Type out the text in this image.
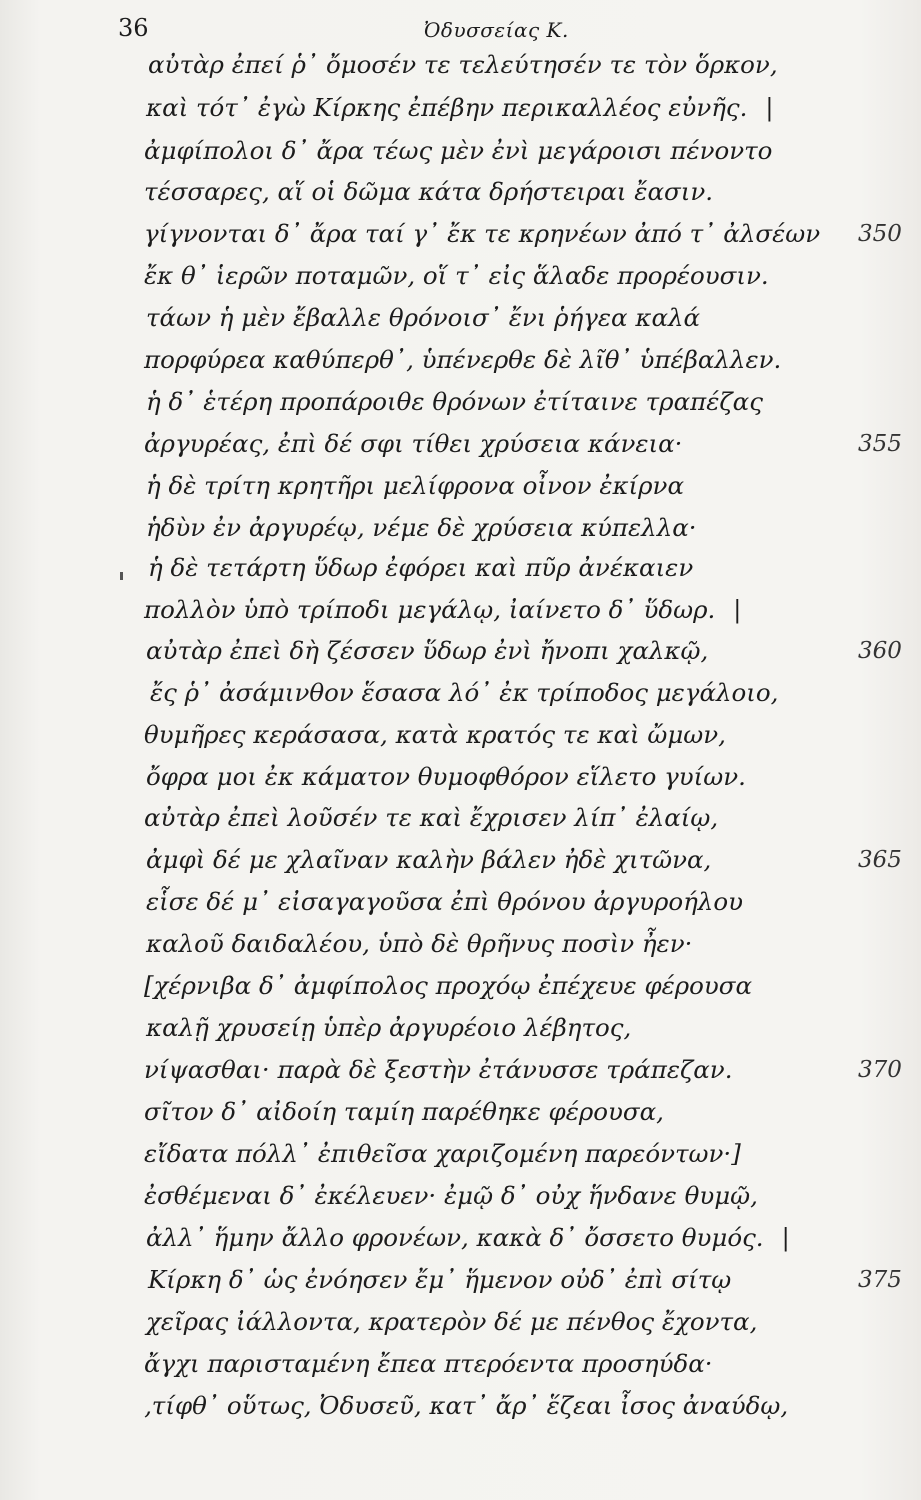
36	Ὀδυσσείας Κ.
αὐτὰρ ἐπεί ῥ᾽ ὄμοσέν τε τελεύτησέν τε τὸν ὅρκον,
καὶ τότ᾽ ἐγὼ Κίρκης ἐπέβην περικαλλέος εὐνῆς. |
ἀμφίπολοι δ᾽ ἄρα τέως μὲν ἐνὶ μεγάροισι πένοντο
τέσσαρες, αἵ οἱ δῶμα κάτα δρήστειραι ἔασιν.
γίγνονται δ᾽ ἄρα ταί γ᾽ ἔκ τε κρηνέων ἀπό τ᾽ ἀλσέων 350
ἔκ θ᾽ ἱερῶν ποταμῶν, οἵ τ᾽ εἰς ἅλαδε προρέουσιν.
τάων ἡ μὲν ἔβαλλε θρόνοισ᾽ ἔνι ῥήγεα καλά
πορφύρεα καθύπερθ᾽, ὑπένερθε δὲ λῖθ᾽ ὑπέβαλλεν.
ἡ δ᾽ ἑτέρη προπάροιθε θρόνων ἐτίταινε τραπέζας
ἀργυρέας, ἐπὶ δέ σφι τίθει χρύσεια κάνεια·	355
ἡ δὲ τρίτη κρητῆρι μελίφρονα οἶνον ἐκίρνα
ἡδὺν ἐν ἀργυρέῳ, νέμε δὲ χρύσεια κύπελλα·
ἡ δὲ τετάρτη ὕδωρ ἐφόρει καὶ πῦρ ἀνέκαιεν
πολλὸν ὑπὸ τρίποδι μεγάλῳ, ἰαίνετο δ᾽ ὕδωρ. |
αὐτὰρ ἐπεὶ δὴ ζέσσεν ὕδωρ ἐνὶ ἤνοπι χαλκῷ,	360
ἔς ῥ᾽ ἀσάμινθον ἕσασα λό᾽ ἐκ τρίποδος μεγάλοιο,
θυμῆρες κεράσασα, κατὰ κρατός τε καὶ ὤμων,
ὄφρα μοι ἐκ κάματον θυμοφθόρον εἵλετο γυίων.
αὐτὰρ ἐπεὶ λοῦσέν τε καὶ ἔχρισεν λίπ᾽ ἐλαίῳ,
ἀμφὶ δέ με χλαῖναν καλὴν βάλεν ἠδὲ χιτῶνα,	365
εἷσε δέ μ᾽ εἰσαγαγοῦσα ἐπὶ θρόνου ἀργυροήλου
καλοῦ δαιδαλέου, ὑπὸ δὲ θρῆνυς ποσὶν ἦεν·
[χέρνιβα δ᾽ ἀμφίπολος προχόῳ ἐπέχευε φέρουσα
καλῇ χρυσείῃ ὑπὲρ ἀργυρέοιο λέβητος,
νίψασθαι· παρὰ δὲ ξεστὴν ἐτάνυσσε τράπεζαν.	370
σῖτον δ᾽ αἰδοίη ταμίη παρέθηκε φέρουσα,
εἴδατα πόλλ᾽ ἐπιθεῖσα χαριζομένη παρεόντων·]
ἐσθέμεναι δ᾽ ἐκέλευεν· ἐμῷ δ᾽ οὐχ ἥνδανε θυμῷ,
ἀλλ᾽ ἥμην ἄλλο φρονέων, κακὰ δ᾽ ὄσσετο θυμός. |
Κίρκη δ᾽ ὡς ἐνόησεν ἔμ᾽ ἥμενον οὐδ᾽ ἐπὶ σίτῳ	375
χεῖρας ἰάλλοντα, κρατερὸν δέ με πένθος ἔχοντα,
ἄγχι παρισταμένη ἔπεα πτερόεντα προσηύδα·
‚τίφθ᾽ οὕτως, Ὀδυσεῦ, κατ᾽ ἄρ᾽ ἕζεαι ἶσος ἀναύδῳ,
